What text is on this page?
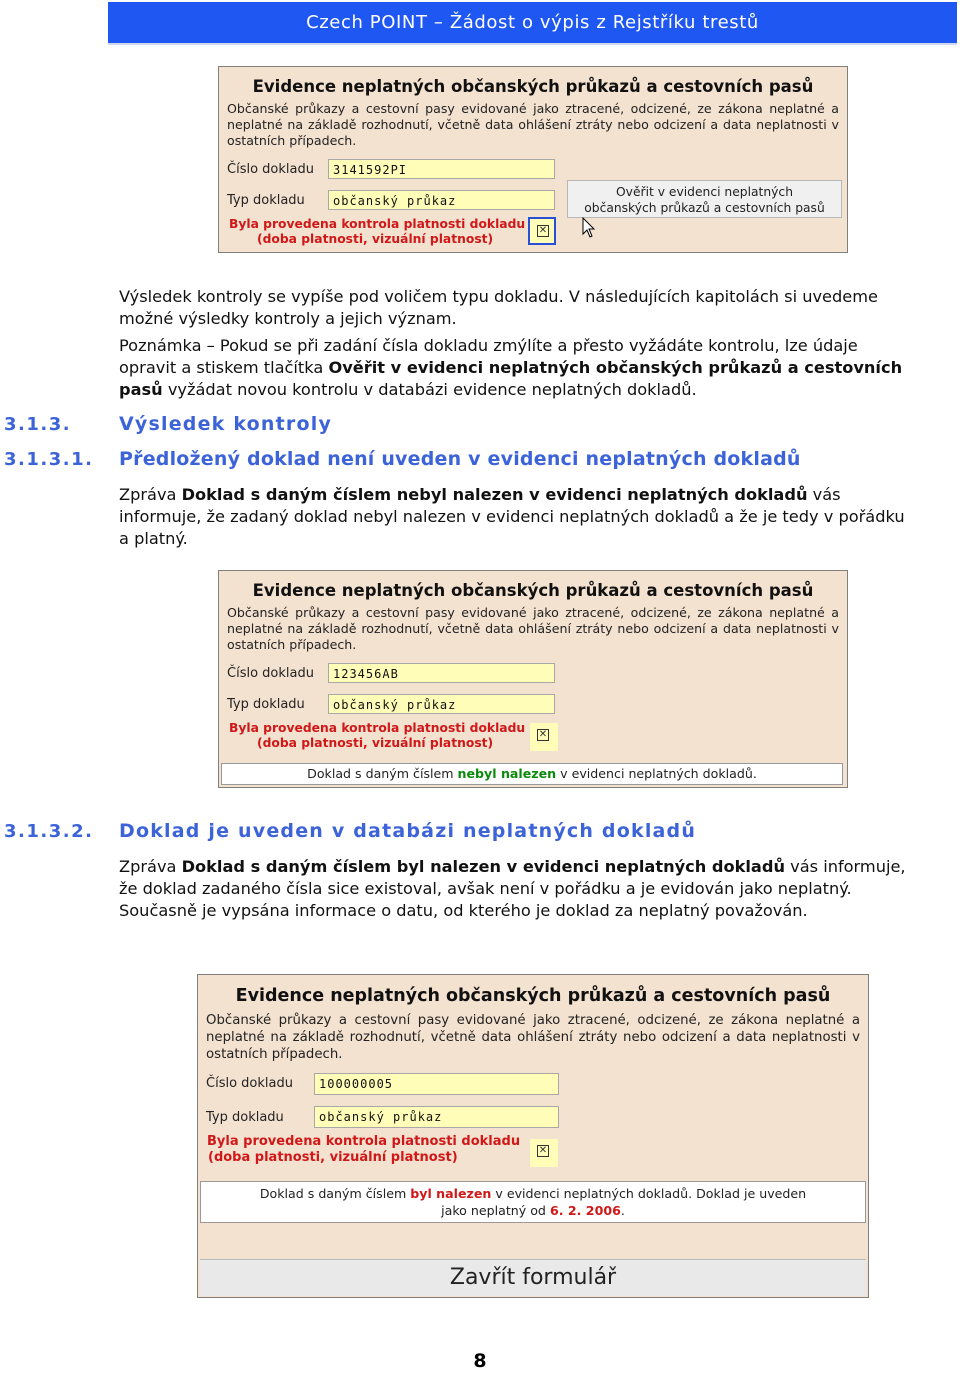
Czech POINT – Žádost o výpis z Rejstříku trestů
Evidence neplatných občanských průkazů a cestovních pasů
Občanské průkazy a cestovní pasy evidované jako ztracené, odcizené, ze zákona neplatné a neplatné na základě rozhodnutí, včetně data ohlášení ztráty nebo odcizení a data neplatnosti v ostatních případech.
Číslo dokladu	3141592PI
Typ dokladu	občanský průkaz
Byla provedena kontrola platnosti dokladu
(doba platnosti, vizuální platnost)
✕
Ověřit v evidenci neplatných
občanských průkazů a cestovních pasů
Výsledek kontroly se vypíše pod voličem typu dokladu. V následujících kapitolách si uvedeme možné výsledky kontroly a jejich význam.
Poznámka – Pokud se při zadání čísla dokladu zmýlíte a přesto vyžádáte kontrolu, lze údaje opravit a stiskem tlačítka Ověřit v evidenci neplatných občanských průkazů a cestovních pasů vyžádat novou kontrolu v databázi evidence neplatných dokladů.
3.1.3.	Výsledek kontroly
3.1.3.1. Předložený doklad není uveden v evidenci neplatných dokladů
Zpráva Doklad s daným číslem nebyl nalezen v evidenci neplatných dokladů vás informuje, že zadaný doklad nebyl nalezen v evidenci neplatných dokladů a že je tedy v pořádku a platný.
Evidence neplatných občanských průkazů a cestovních pasů
Občanské průkazy a cestovní pasy evidované jako ztracené, odcizené, ze zákona neplatné a neplatné na základě rozhodnutí, včetně data ohlášení ztráty nebo odcizení a data neplatnosti v ostatních případech.
Číslo dokladu	123456AB
Typ dokladu	občanský průkaz
Byla provedena kontrola platnosti dokladu
(doba platnosti, vizuální platnost)
✕
Doklad s daným číslem nebyl nalezen v evidenci neplatných dokladů.
3.1.3.2. Doklad je uveden v databázi neplatných dokladů
Zpráva Doklad s daným číslem byl nalezen v evidenci neplatných dokladů vás informuje, že doklad zadaného čísla sice existoval, avšak není v pořádku a je evidován jako neplatný. Současně je vypsána informace o datu, od kterého je doklad za neplatný považován.
Evidence neplatných občanských průkazů a cestovních pasů
Občanské průkazy a cestovní pasy evidované jako ztracené, odcizené, ze zákona neplatné a neplatné na základě rozhodnutí, včetně data ohlášení ztráty nebo odcizení a data neplatnosti v ostatních případech.
Číslo dokladu	100000005
Typ dokladu	občanský průkaz
Byla provedena kontrola platnosti dokladu
(doba platnosti, vizuální platnost)	✕
Doklad s daným číslem byl nalezen v evidenci neplatných dokladů. Doklad je uveden
jako neplatný od 6. 2. 2006.
Zavřít formulář
8
